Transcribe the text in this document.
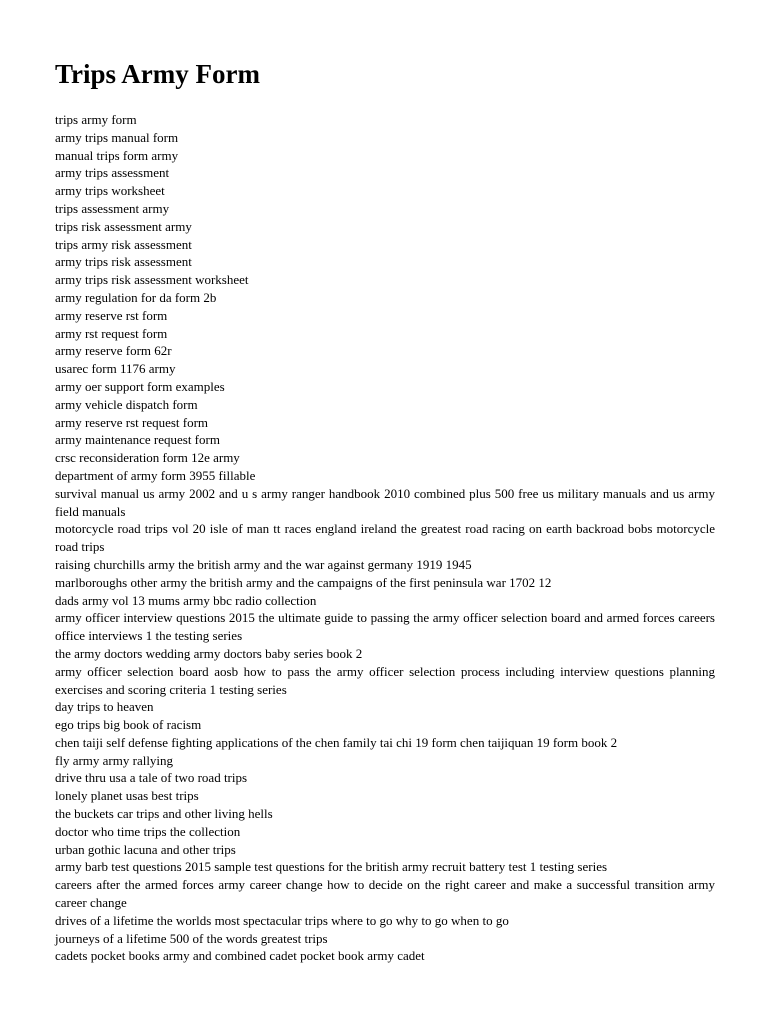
Trips Army Form
trips army form
army trips manual form
manual trips form army
army trips assessment
army trips worksheet
trips assessment army
trips risk assessment army
trips army risk assessment
army trips risk assessment
army trips risk assessment worksheet
army regulation for da form 2b
army reserve rst form
army rst request form
army reserve form 62r
usarec form 1176 army
army oer support form examples
army vehicle dispatch form
army reserve rst request form
army maintenance request form
crsc reconsideration form 12e army
department of army form 3955 fillable
survival manual us army 2002 and u s army ranger handbook 2010 combined plus 500 free us military manuals and us army field manuals
motorcycle road trips vol 20 isle of man tt races england ireland the greatest road racing on earth backroad bobs motorcycle road trips
raising churchills army the british army and the war against germany 1919 1945
marlboroughs other army the british army and the campaigns of the first peninsula war 1702 12
dads army vol 13 mums army bbc radio collection
army officer interview questions 2015 the ultimate guide to passing the army officer selection board and armed forces careers office interviews 1 the testing series
the army doctors wedding army doctors baby series book 2
army officer selection board aosb how to pass the army officer selection process including interview questions planning exercises and scoring criteria 1 testing series
day trips to heaven
ego trips big book of racism
chen taiji self defense fighting applications of the chen family tai chi 19 form chen taijiquan 19 form book 2
fly army army rallying
drive thru usa a tale of two road trips
lonely planet usas best trips
the buckets car trips and other living hells
doctor who time trips the collection
urban gothic lacuna and other trips
army barb test questions 2015 sample test questions for the british army recruit battery test 1 testing series
careers after the armed forces army career change how to decide on the right career and make a successful transition army career change
drives of a lifetime the worlds most spectacular trips where to go why to go when to go
journeys of a lifetime 500 of the words greatest trips
cadets pocket books army and combined cadet pocket book army cadet
